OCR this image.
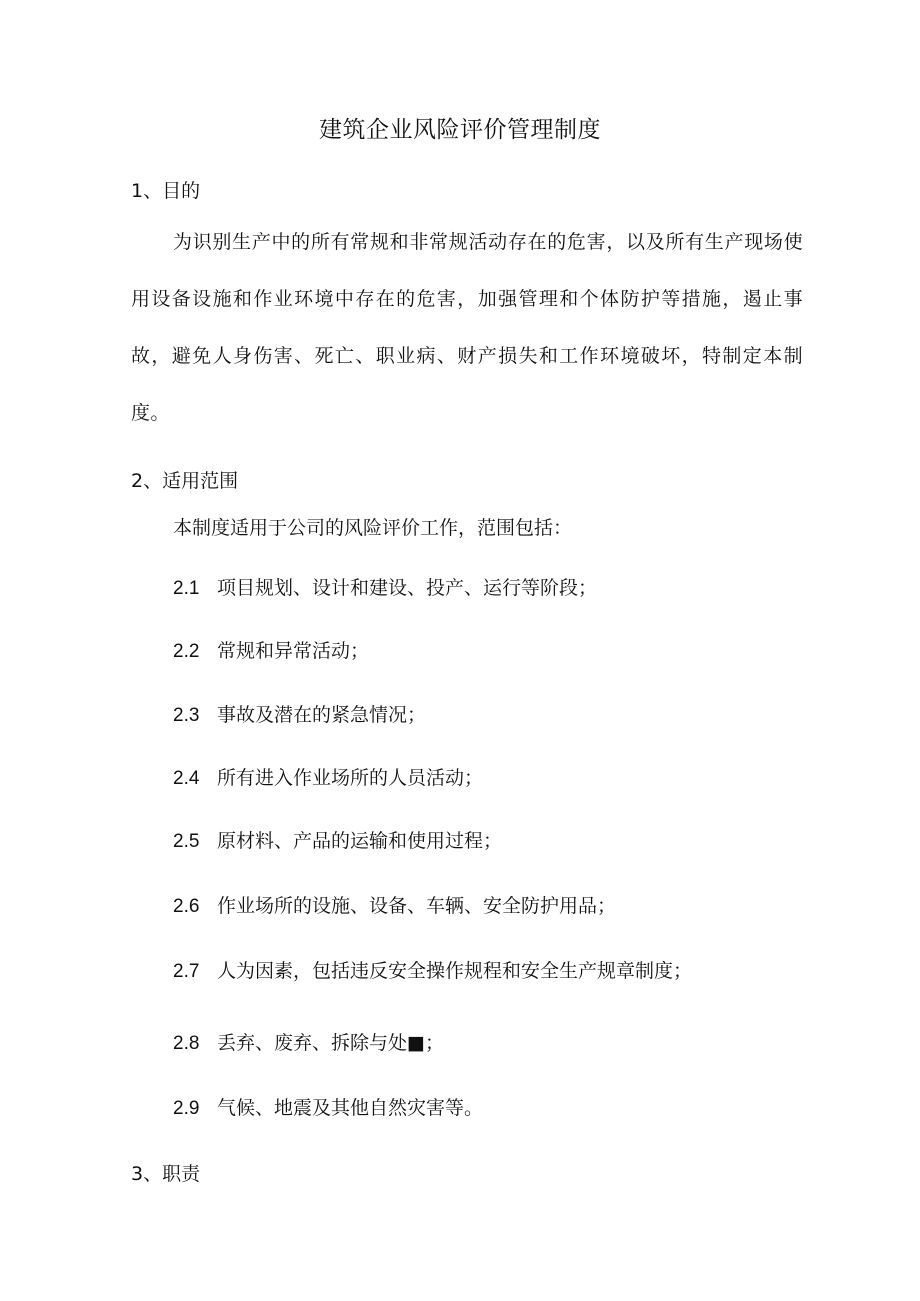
建筑企业风险评价管理制度
1、目的
为识别生产中的所有常规和非常规活动存在的危害，以及所有生产现场使用设备设施和作业环境中存在的危害，加强管理和个体防护等措施，遏止事故，避免人身伤害、死亡、职业病、财产损失和工作环境破坏，特制定本制度。
2、适用范围
本制度适用于公司的风险评价工作，范围包括：
2.1 项目规划、设计和建设、投产、运行等阶段；
2.2 常规和异常活动；
2.3 事故及潜在的紧急情况；
2.4 所有进入作业场所的人员活动；
2.5 原材料、产品的运输和使用过程；
2.6 作业场所的设施、设备、车辆、安全防护用品；
2.7 人为因素，包括违反安全操作规程和安全生产规章制度；
2.8 丢弃、废弃、拆除与处■；
2.9 气候、地震及其他自然灾害等。
3、职责
